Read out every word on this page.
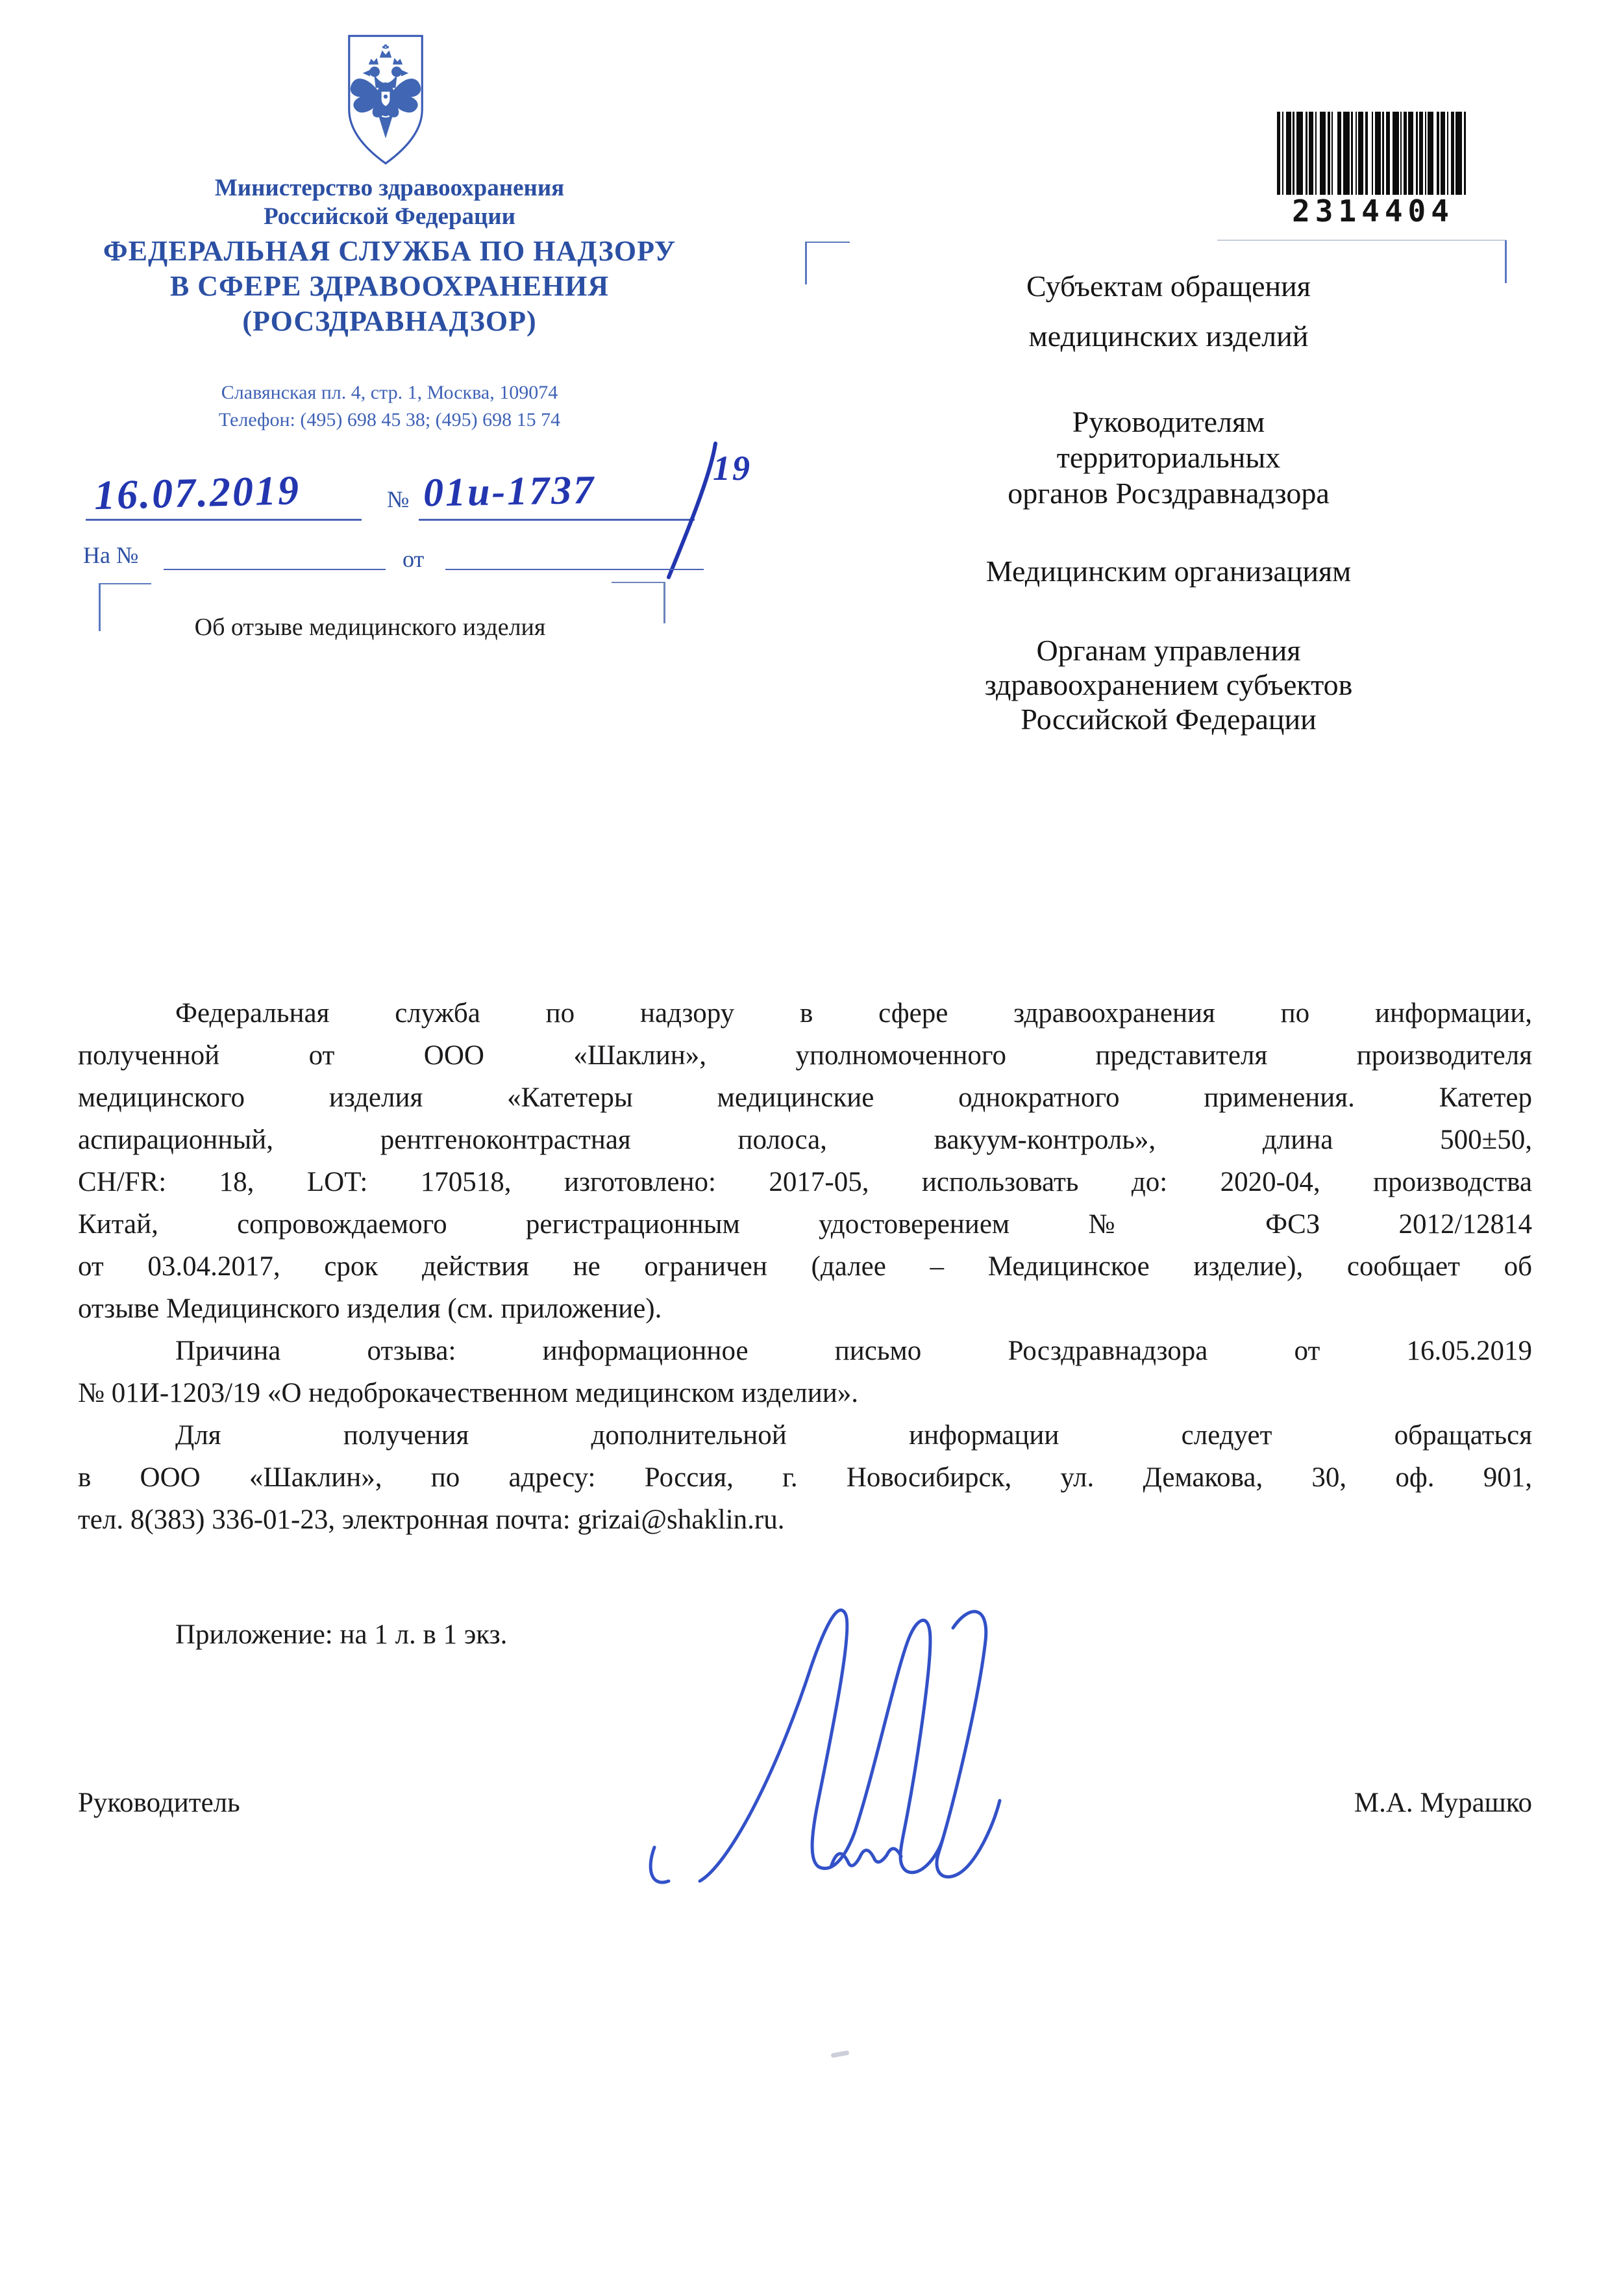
Министерство здравоохранения
Российской Федерации
ФЕДЕРАЛЬНАЯ СЛУЖБА ПО НАДЗОРУ
В СФЕРЕ ЗДРАВООХРАНЕНИЯ
(РОСЗДРАВНАДЗОР)
Славянская пл. 4, стр. 1, Москва, 109074
Телефон: (495) 698 45 38; (495) 698 15 74
2314404
16.07.2019	№ 01и-1737	19
На №	от
Об отзыве медицинского изделия
Субъектам обращения
медицинских изделий
Руководителям
территориальных
органов Росздравнадзора
Медицинским организациям
Органам управления
здравоохранением субъектов
Российской Федерации
Федеральная служба по надзору в сфере здравоохранения по информации,
полученной от ООО «Шаклин», уполномоченного представителя производителя
медицинского изделия «Катетеры медицинские однократного применения. Катетер
аспирационный, рентгеноконтрастная полоса, вакуум-контроль», длина 500±50,
CH/FR: 18, LOT: 170518, изготовлено: 2017-05, использовать до: 2020-04, производства
Китай, сопровождаемого регистрационным удостоверением № ФСЗ 2012/12814
от 03.04.2017, срок действия не ограничен (далее – Медицинское изделие), сообщает об
отзыве Медицинского изделия (см. приложение).
Причина отзыва: информационное письмо Росздравнадзора от 16.05.2019
№ 01И-1203/19 «О недоброкачественном медицинском изделии».
Для получения дополнительной информации следует обращаться
в ООО «Шаклин», по адресу: Россия, г. Новосибирск, ул. Демакова, 30, оф. 901,
тел. 8(383) 336-01-23, электронная почта: grizai@shaklin.ru.
Приложение: на 1 л. в 1 экз.
Руководитель	М.А. Мурашко
